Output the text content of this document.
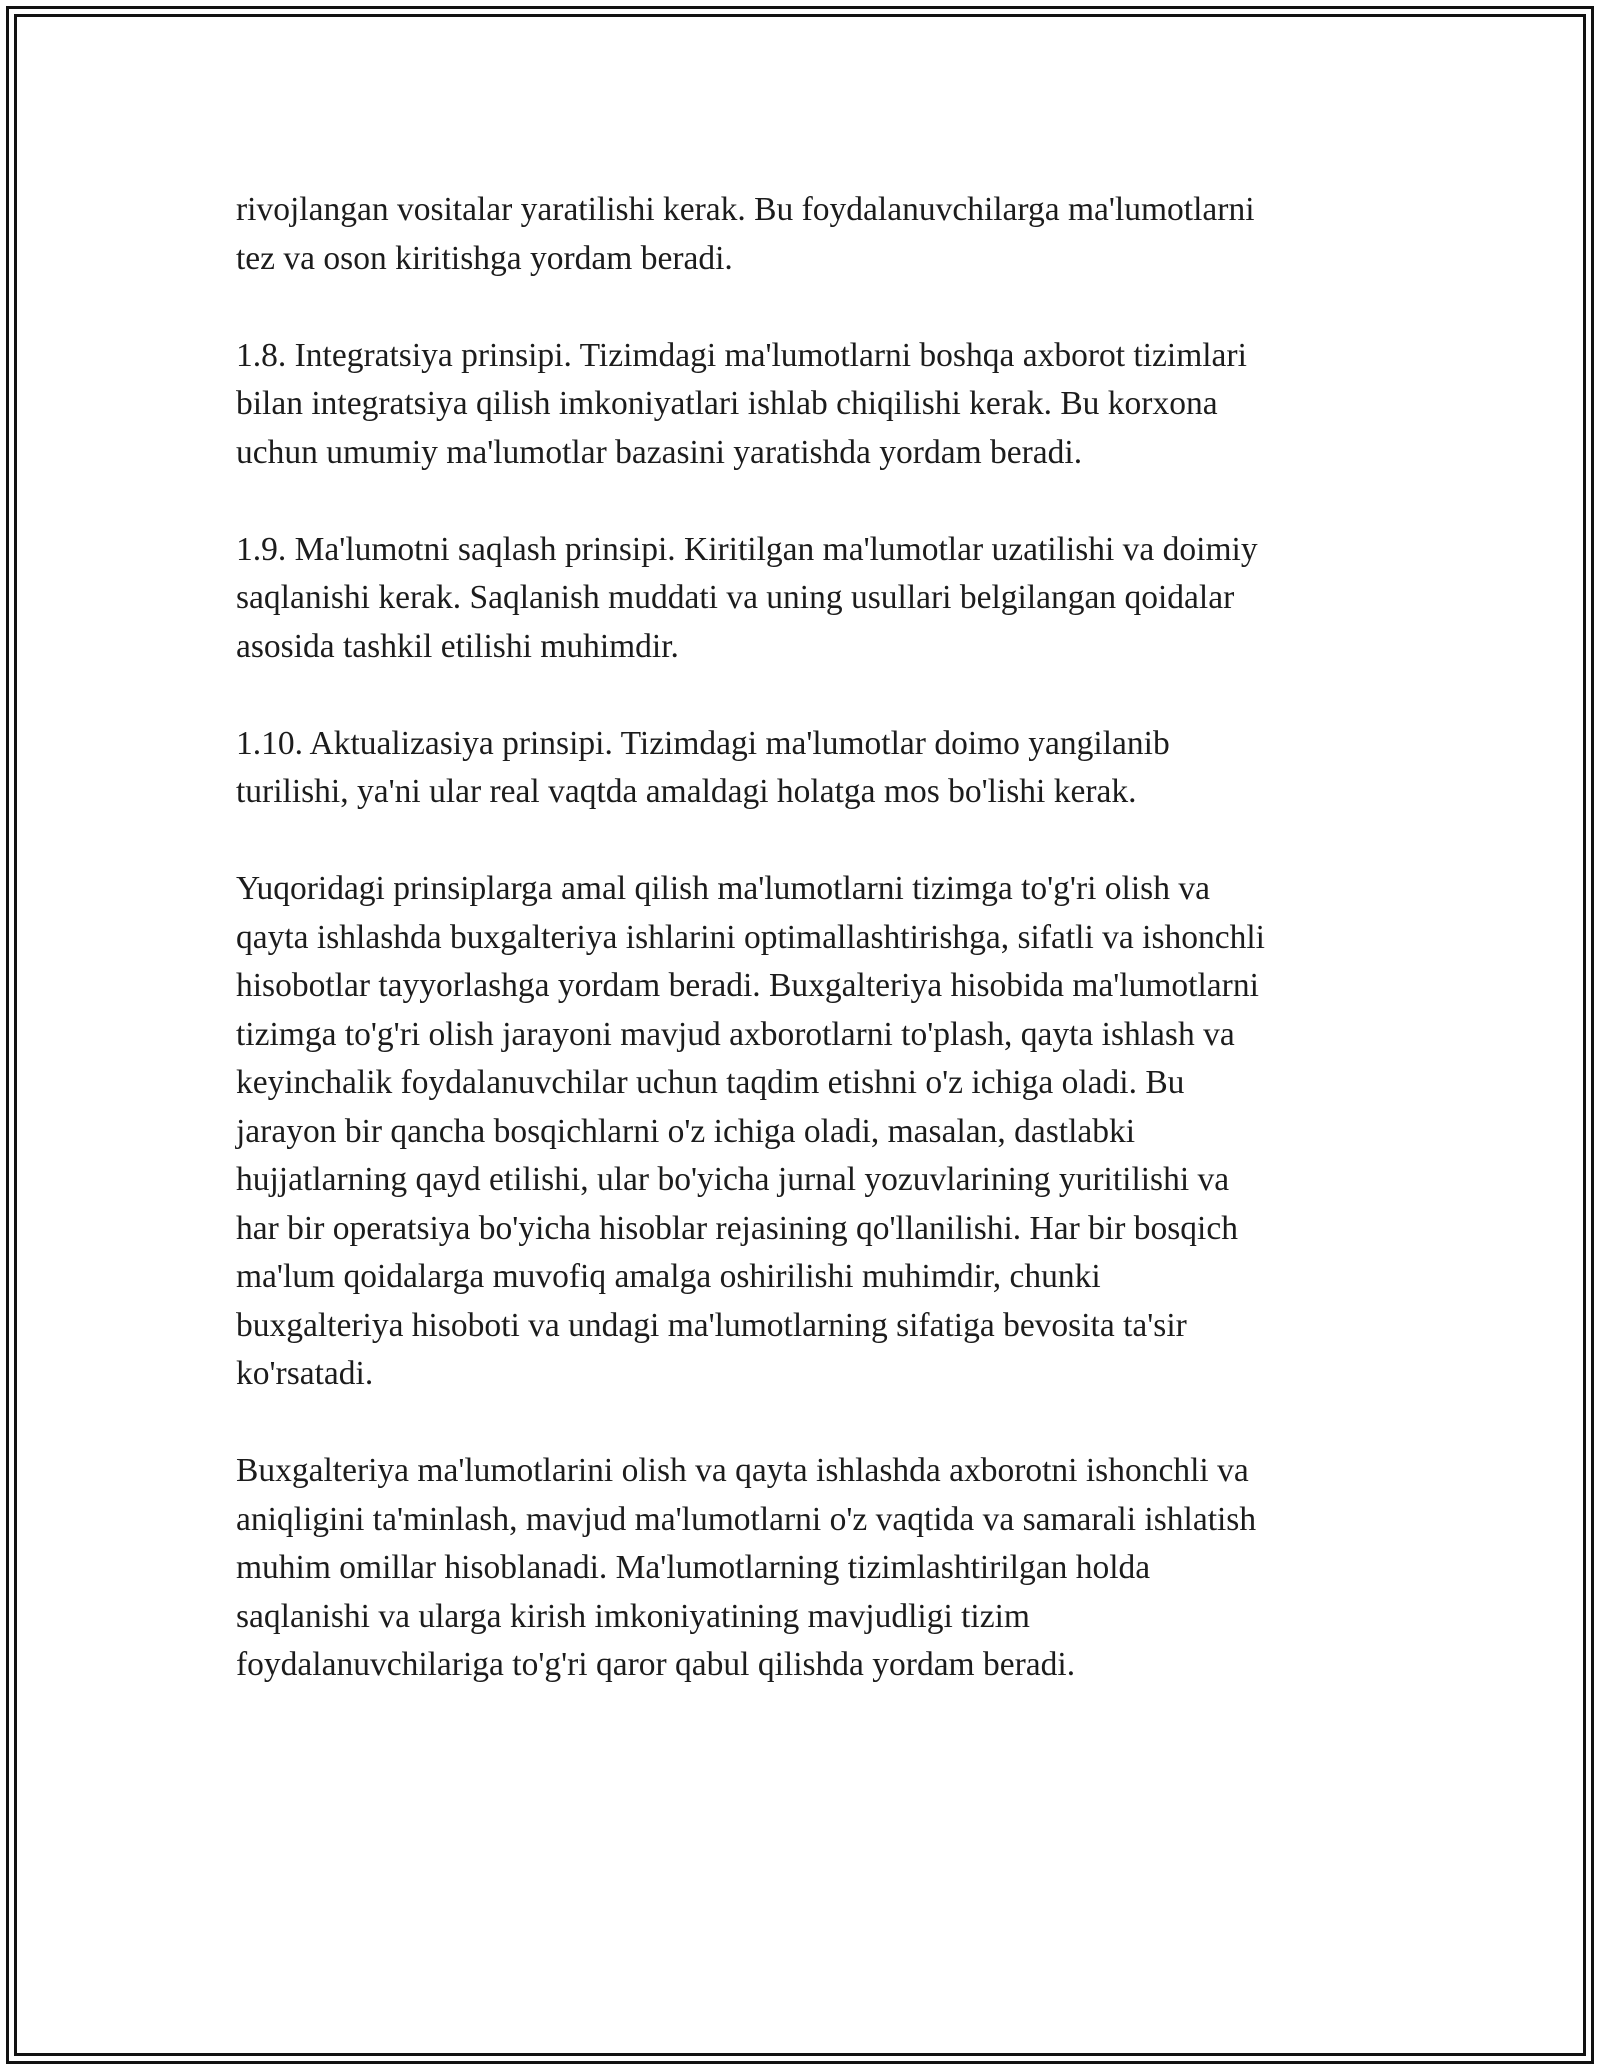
rivojlangan vositalar yaratilishi kerak. Bu foydalanuvchilarga ma'lumotlarni
tez va oson kiritishga yordam beradi.

1.8. Integratsiya prinsipi. Tizimdagi ma'lumotlarni boshqa axborot tizimlari
bilan integratsiya qilish imkoniyatlari ishlab chiqilishi kerak. Bu korxona
uchun umumiy ma'lumotlar bazasini yaratishda yordam beradi.

1.9. Ma'lumotni saqlash prinsipi. Kiritilgan ma'lumotlar uzatilishi va doimiy
saqlanishi kerak. Saqlanish muddati va uning usullari belgilangan qoidalar
asosida tashkil etilishi muhimdir.

1.10. Aktualizasiya prinsipi. Tizimdagi ma'lumotlar doimo yangilanib
turilishi, ya'ni ular real vaqtda amaldagi holatga mos bo'lishi kerak.

Yuqoridagi prinsiplarga amal qilish ma'lumotlarni tizimga to'g'ri olish va
qayta ishlashda buxgalteriya ishlarini optimallashtirishga, sifatli va ishonchli
hisobotlar tayyorlashga yordam beradi. Buxgalteriya hisobida ma'lumotlarni
tizimga to'g'ri olish jarayoni mavjud axborotlarni to'plash, qayta ishlash va
keyinchalik foydalanuvchilar uchun taqdim etishni o'z ichiga oladi. Bu
jarayon bir qancha bosqichlarni o'z ichiga oladi, masalan, dastlabki
hujjatlarning qayd etilishi, ular bo'yicha jurnal yozuvlarining yuritilishi va
har bir operatsiya bo'yicha hisoblar rejasining qo'llanilishi. Har bir bosqich
ma'lum qoidalarga muvofiq amalga oshirilishi muhimdir, chunki
buxgalteriya hisoboti va undagi ma'lumotlarning sifatiga bevosita ta'sir
ko'rsatadi.

Buxgalteriya ma'lumotlarini olish va qayta ishlashda axborotni ishonchli va
aniqligini ta'minlash, mavjud ma'lumotlarni o'z vaqtida va samarali ishlatish
muhim omillar hisoblanadi. Ma'lumotlarning tizimlashtirilgan holda
saqlanishi va ularga kirish imkoniyatining mavjudligi tizim
foydalanuvchilariga to'g'ri qaror qabul qilishda yordam beradi.
